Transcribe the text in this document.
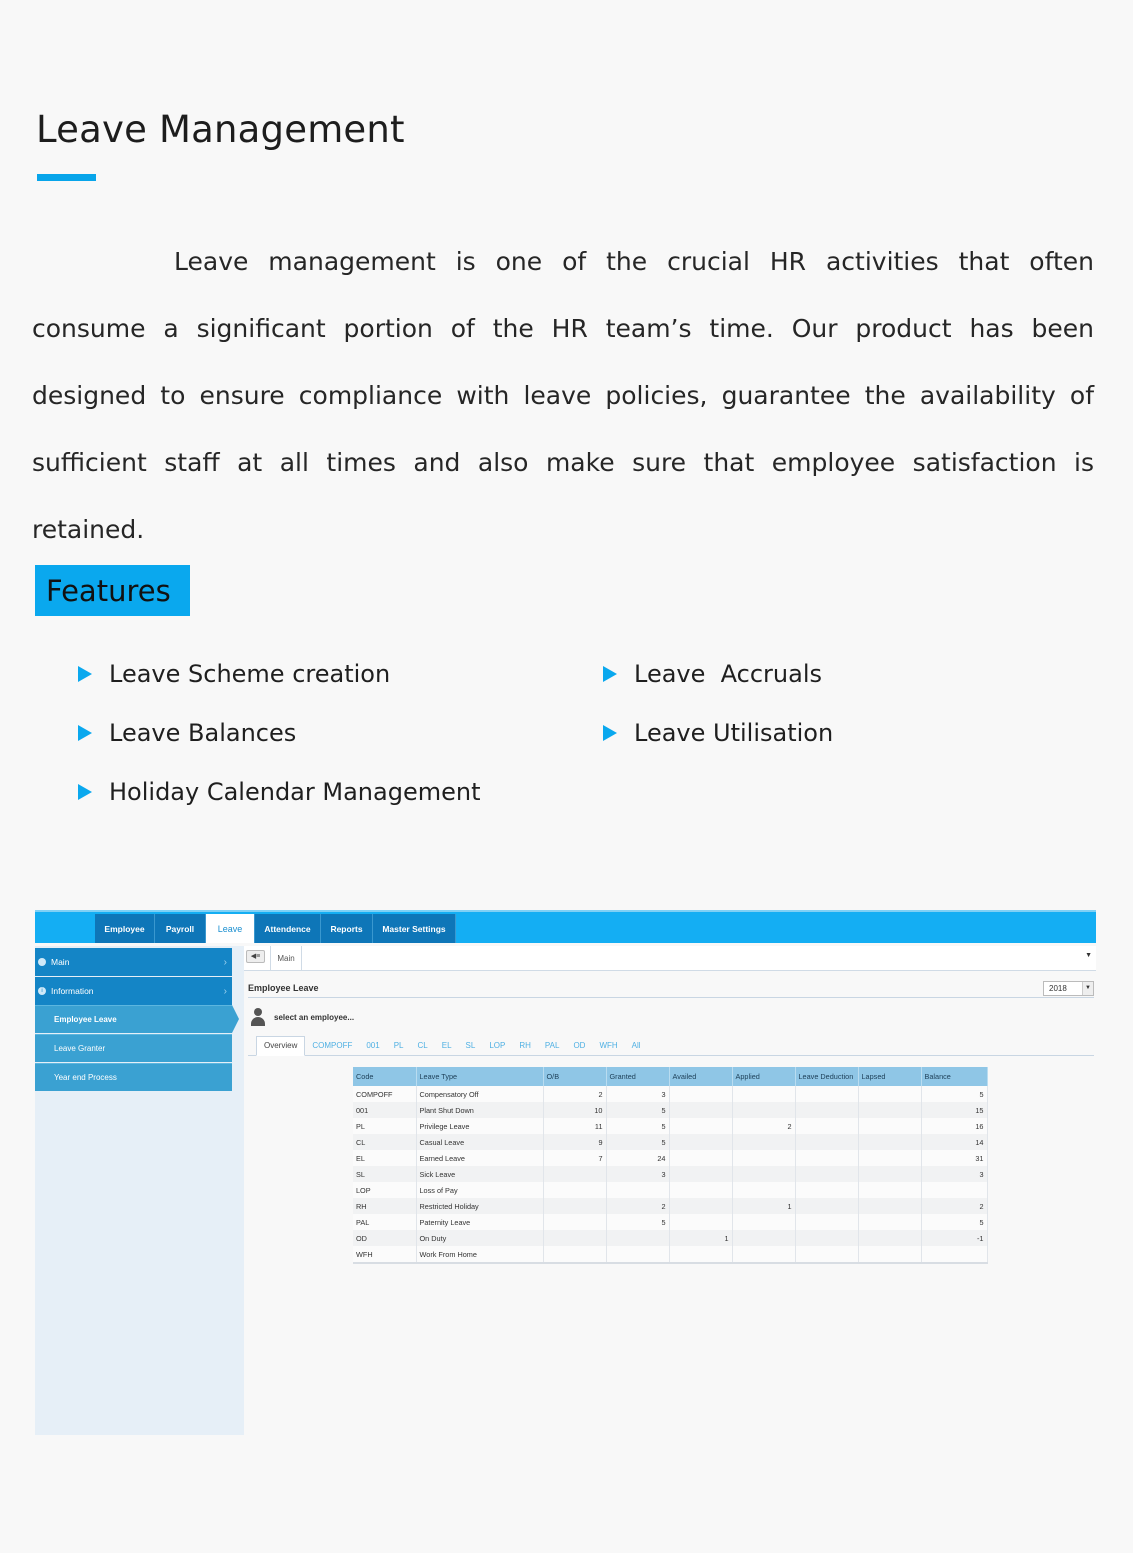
Leave Management

Leave management is one of the crucial HR activities that often consume a significant portion of the HR team’s time. Our product has been designed to ensure compliance with leave policies, guarantee the availability of sufficient staff at all times and also make sure that employee satisfaction is retained.

Features
Leave Scheme creation	Leave  Accruals
Leave Balances	Leave Utilisation
Holiday Calendar Management
Employee	Payroll	Leave	Attendence	Reports	Master Settings
Main	›
i Information	›
Employee Leave
Leave Granter
Year end Process
◀≡	Main	▼
Employee Leave	2018	▼
select an employee...
Overview	COMPOFF	001	PL	CL	EL	SL	LOP	RH	PAL	OD	WFH	All
Code	Leave Type	O/B	Granted	Availed	Applied	Leave Deduction	Lapsed	Balance
COMPOFF	Compensatory Off	2	3					5
001	Plant Shut Down	10	5					15
PL	Privilege Leave	11	5		2			16
CL	Casual Leave	9	5					14
EL	Earned Leave	7	24					31
SL	Sick Leave		3					3
LOP	Loss of Pay							
RH	Restricted Holiday		2		1			2
PAL	Paternity Leave		5					5
OD	On Duty			1				-1
WFH	Work From Home							
